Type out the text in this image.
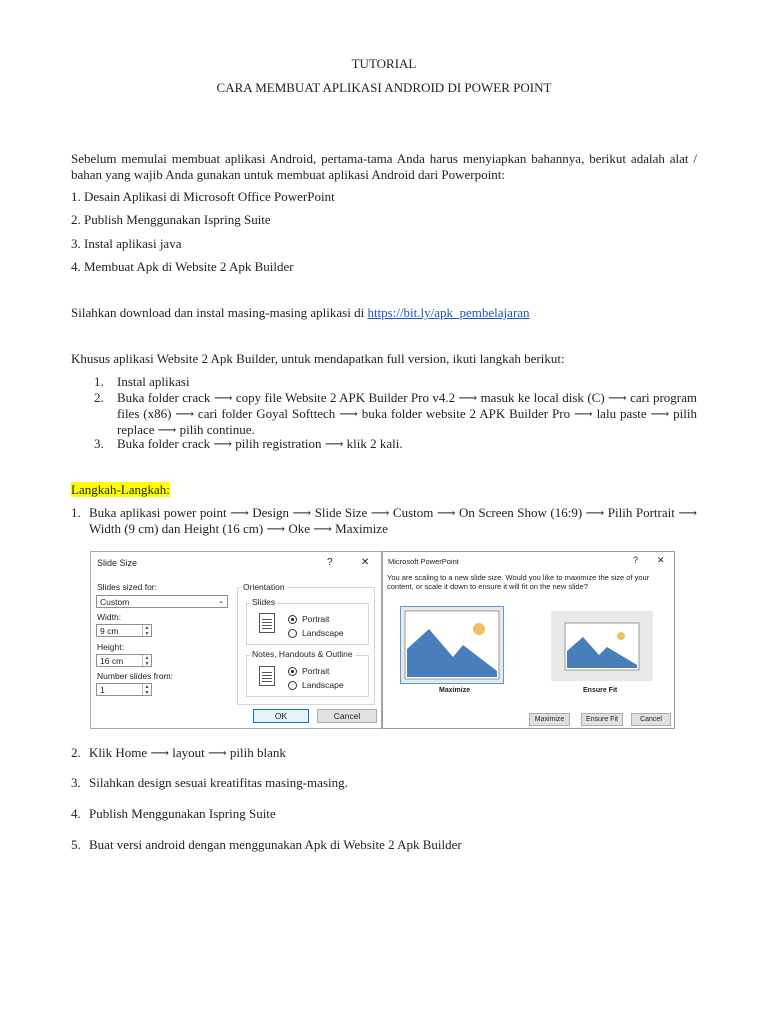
TUTORIAL
CARA MEMBUAT APLIKASI ANDROID DI POWER POINT
Sebelum memulai membuat aplikasi Android, pertama-tama Anda harus menyiapkan bahannya, berikut adalah alat / bahan yang wajib Anda gunakan untuk membuat aplikasi Android dari Powerpoint:
1. Desain Aplikasi di Microsoft Office PowerPoint
2. Publish Menggunakan Ispring Suite
3. Instal aplikasi java
4. Membuat Apk di Website 2 Apk Builder
Silahkan download dan instal masing-masing aplikasi di https://bit.ly/apk_pembelajaran
Khusus aplikasi Website 2 Apk Builder, untuk mendapatkan full version, ikuti langkah berikut:
1. Instal aplikasi
2. Buka folder crack ⟶ copy file Website 2 APK Builder Pro v4.2 ⟶ masuk ke local disk (C) ⟶ cari program files (x86) ⟶ cari folder Goyal Softtech ⟶ buka folder website 2 APK Builder Pro ⟶ lalu paste ⟶ pilih replace ⟶ pilih continue.
3. Buka folder crack ⟶ pilih registration ⟶ klik 2 kali.
Langkah-Langkah:
1. Buka aplikasi power point ⟶ Design ⟶ Slide Size ⟶ Custom ⟶ On Screen Show (16:9) ⟶ Pilih Portrait ⟶ Width (9 cm) dan Height (16 cm) ⟶ Oke ⟶ Maximize
Slide Size	?	✕
Slides sized for:
Custom	⌄
Width:
9 cm	▲
▼
Height:
16 cm	▲
▼
Number slides from:
1	▲
▼
Orientation
Slides
Portrait
Landscape
Notes, Handouts & Outline
Portrait
Landscape
OK	Cancel
Microsoft PowerPoint	? ✕
You are scaling to a new slide size. Would you like to maximize the size of your content, or scale it down to ensure it will fit on the new slide?
Maximize	Ensure Fit
Maximize	Ensure Fit	Cancel
2. Klik Home ⟶ layout ⟶ pilih blank
3. Silahkan design sesuai kreatifitas masing-masing.
4. Publish Menggunakan Ispring Suite
5. Buat versi android dengan menggunakan Apk di Website 2 Apk Builder
